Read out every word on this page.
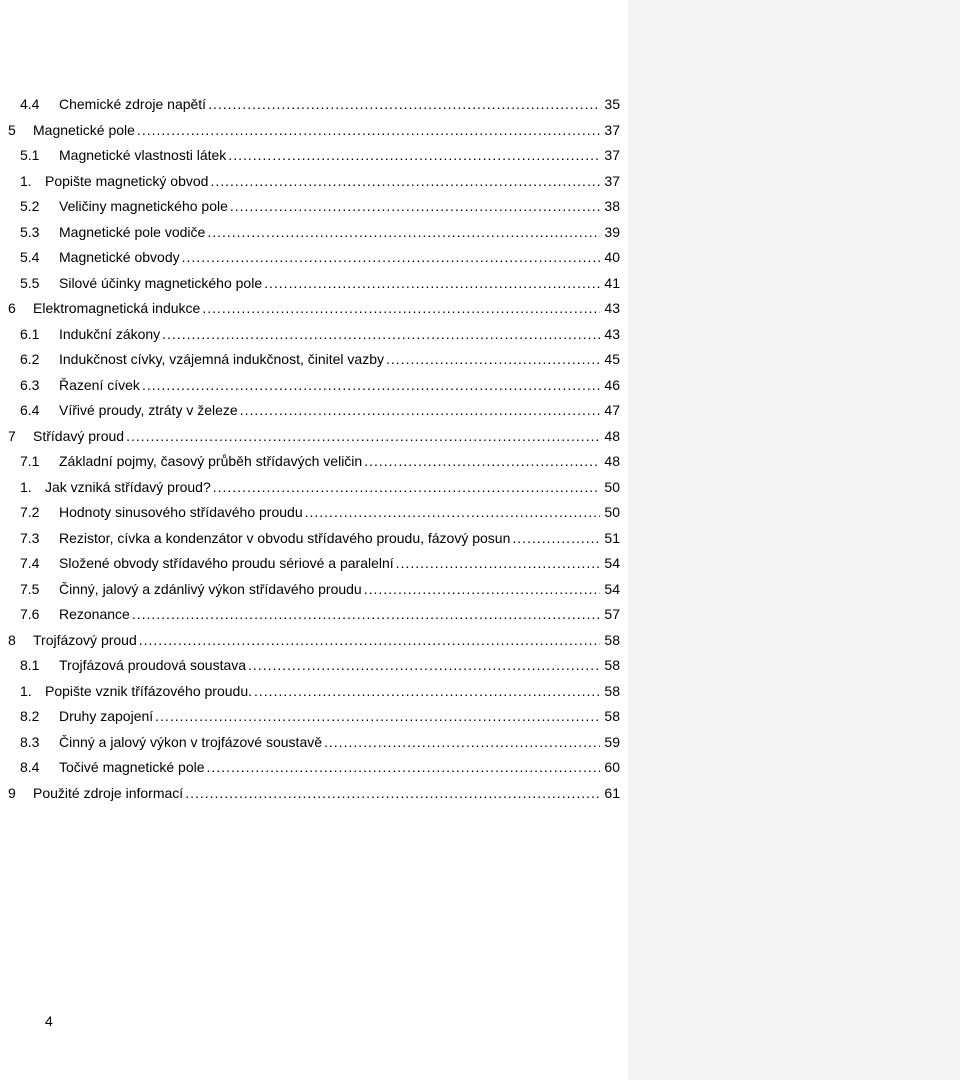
4.4 Chemické zdroje napětí .....	35
5 Magnetické pole .....	37
5.1 Magnetické vlastnosti látek .....	37
1. Popište magnetický obvod .....	37
5.2 Veličiny magnetického pole .....	38
5.3 Magnetické pole vodiče .....	39
5.4 Magnetické obvody .....	40
5.5 Silové účinky magnetického pole .....	41
6 Elektromagnetická indukce .....	43
6.1 Indukční zákony .....	43
6.2 Indukčnost cívky, vzájemná indukčnost, činitel vazby .....	45
6.3 Řazení cívek .....	46
6.4 Vířivé proudy, ztráty v železe .....	47
7 Střídavý proud .....	48
7.1 Základní pojmy, časový průběh střídavých veličin .....	48
1. Jak vzniká střídavý proud? .....	50
7.2 Hodnoty sinusového střídavého proudu .....	50
7.3 Rezistor, cívka a kondenzátor v obvodu střídavého proudu, fázový posun .....	51
7.4 Složené obvody střídavého proudu sériové a paralelní .....	54
7.5 Činný, jalový a zdánlivý výkon střídavého proudu .....	54
7.6 Rezonance .....	57
8 Trojfázový proud .....	58
8.1 Trojfázová proudová soustava .....	58
1. Popište vznik třífázového proudu. .....	58
8.2 Druhy zapojení .....	58
8.3 Činný a jalový výkon v trojfázové soustavě .....	59
8.4 Točivé magnetické pole .....	60
9 Použité zdroje informací .....	61
4
